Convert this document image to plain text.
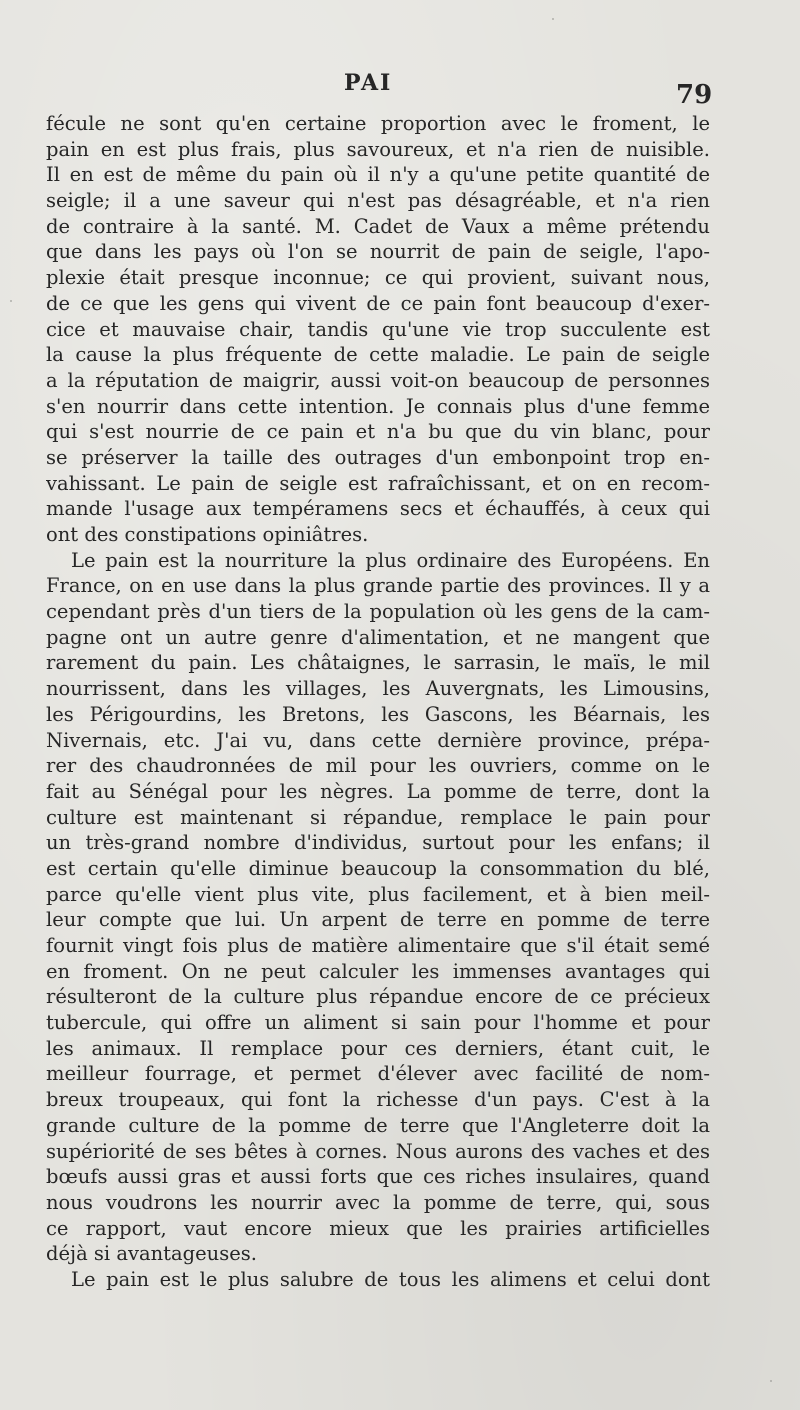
PAI	79
fécule ne sont qu'en certaine proportion avec le froment, le
pain en est plus frais, plus savoureux, et n'a rien de nuisible.
Il en est de même du pain où il n'y a qu'une petite quantité de
seigle; il a une saveur qui n'est pas désagréable, et n'a rien
de contraire à la santé. M. Cadet de Vaux a même prétendu
que dans les pays où l'on se nourrit de pain de seigle, l'apo-
plexie était presque inconnue; ce qui provient, suivant nous,
de ce que les gens qui vivent de ce pain font beaucoup d'exer-
cice et mauvaise chair, tandis qu'une vie trop succulente est
la cause la plus fréquente de cette maladie. Le pain de seigle
a la réputation de maigrir, aussi voit-on beaucoup de personnes
s'en nourrir dans cette intention. Je connais plus d'une femme
qui s'est nourrie de ce pain et n'a bu que du vin blanc, pour
se préserver la taille des outrages d'un embonpoint trop en-
vahissant. Le pain de seigle est rafraîchissant, et on en recom-
mande l'usage aux tempéramens secs et échauffés, à ceux qui
ont des constipations opiniâtres.
Le pain est la nourriture la plus ordinaire des Européens. En
France, on en use dans la plus grande partie des provinces. Il y a
cependant près d'un tiers de la population où les gens de la cam-
pagne ont un autre genre d'alimentation, et ne mangent que
rarement du pain. Les châtaignes, le sarrasin, le maïs, le mil
nourrissent, dans les villages, les Auvergnats, les Limousins,
les Périgourdins, les Bretons, les Gascons, les Béarnais, les
Nivernais, etc. J'ai vu, dans cette dernière province, prépa-
rer des chaudronnées de mil pour les ouvriers, comme on le
fait au Sénégal pour les nègres. La pomme de terre, dont la
culture est maintenant si répandue, remplace le pain pour
un très-grand nombre d'individus, surtout pour les enfans; il
est certain qu'elle diminue beaucoup la consommation du blé,
parce qu'elle vient plus vite, plus facilement, et à bien meil-
leur compte que lui. Un arpent de terre en pomme de terre
fournit vingt fois plus de matière alimentaire que s'il était semé
en froment. On ne peut calculer les immenses avantages qui
résulteront de la culture plus répandue encore de ce précieux
tubercule, qui offre un aliment si sain pour l'homme et pour
les animaux. Il remplace pour ces derniers, étant cuit, le
meilleur fourrage, et permet d'élever avec facilité de nom-
breux troupeaux, qui font la richesse d'un pays. C'est à la
grande culture de la pomme de terre que l'Angleterre doit la
supériorité de ses bêtes à cornes. Nous aurons des vaches et des
bœufs aussi gras et aussi forts que ces riches insulaires, quand
nous voudrons les nourrir avec la pomme de terre, qui, sous
ce rapport, vaut encore mieux que les prairies artificielles
déjà si avantageuses.
Le pain est le plus salubre de tous les alimens et celui dont
